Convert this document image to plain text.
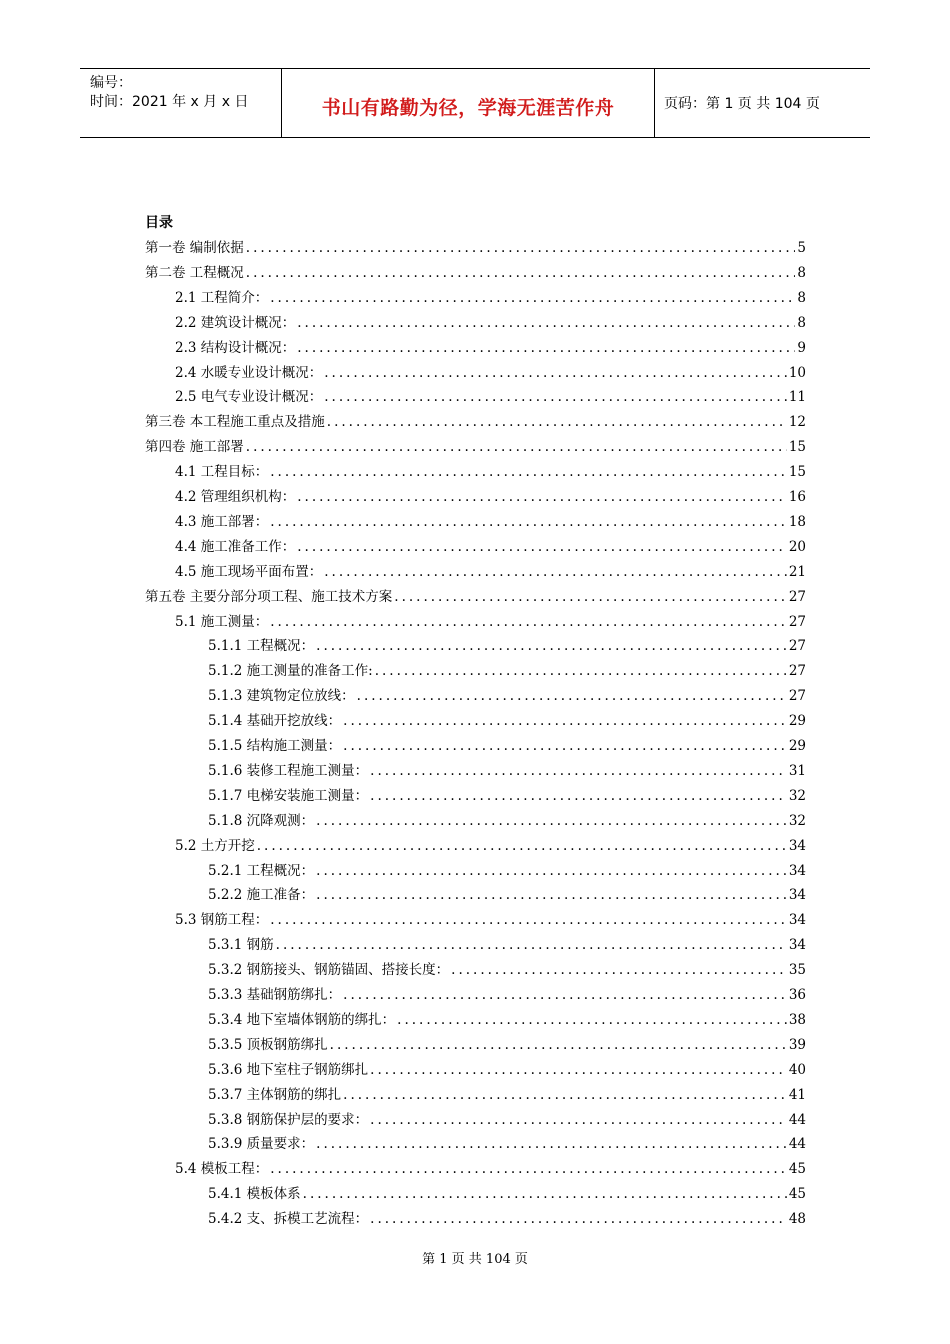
编号：
时间：2021 年 x 月 x 日	书山有路勤为径，学海无涯苦作舟	页码：第 1 页 共 104 页
目录
第一卷 编制依据 .....	5
第二卷 工程概况 .....	8
2.1 工程简介： .....	8
2.2 建筑设计概况： .....	8
2.3 结构设计概况： .....	9
2.4 水暖专业设计概况： .....	10
2.5 电气专业设计概况： .....	11
第三卷 本工程施工重点及措施 .....	12
第四卷 施工部署 .....	15
4.1 工程目标： .....	15
4.2 管理组织机构： .....	16
4.3 施工部署： .....	18
4.4 施工准备工作： .....	20
4.5 施工现场平面布置： .....	21
第五卷 主要分部分项工程、施工技术方案 .....	27
5.1 施工测量： .....	27
5.1.1 工程概况： .....	27
5.1.2 施工测量的准备工作: .....	27
5.1.3 建筑物定位放线： .....	27
5.1.4 基础开挖放线： .....	29
5.1.5 结构施工测量： .....	29
5.1.6 装修工程施工测量： .....	31
5.1.7 电梯安装施工测量： .....	32
5.1.8 沉降观测： .....	32
5.2 土方开挖 .....	34
5.2.1 工程概况： .....	34
5.2.2 施工准备： .....	34
5.3 钢筋工程： .....	34
5.3.1 钢筋 .....	34
5.3.2 钢筋接头、钢筋锚固、搭接长度： .....	35
5.3.3 基础钢筋绑扎： .....	36
5.3.4 地下室墙体钢筋的绑扎： .....	38
5.3.5 顶板钢筋绑扎 .....	39
5.3.6 地下室柱子钢筋绑扎 .....	40
5.3.7 主体钢筋的绑扎 .....	41
5.3.8 钢筋保护层的要求： .....	44
5.3.9 质量要求： .....	44
5.4 模板工程： .....	45
5.4.1 模板体系 .....	45
5.4.2 支、拆模工艺流程： .....	48
第 1 页 共 104 页
